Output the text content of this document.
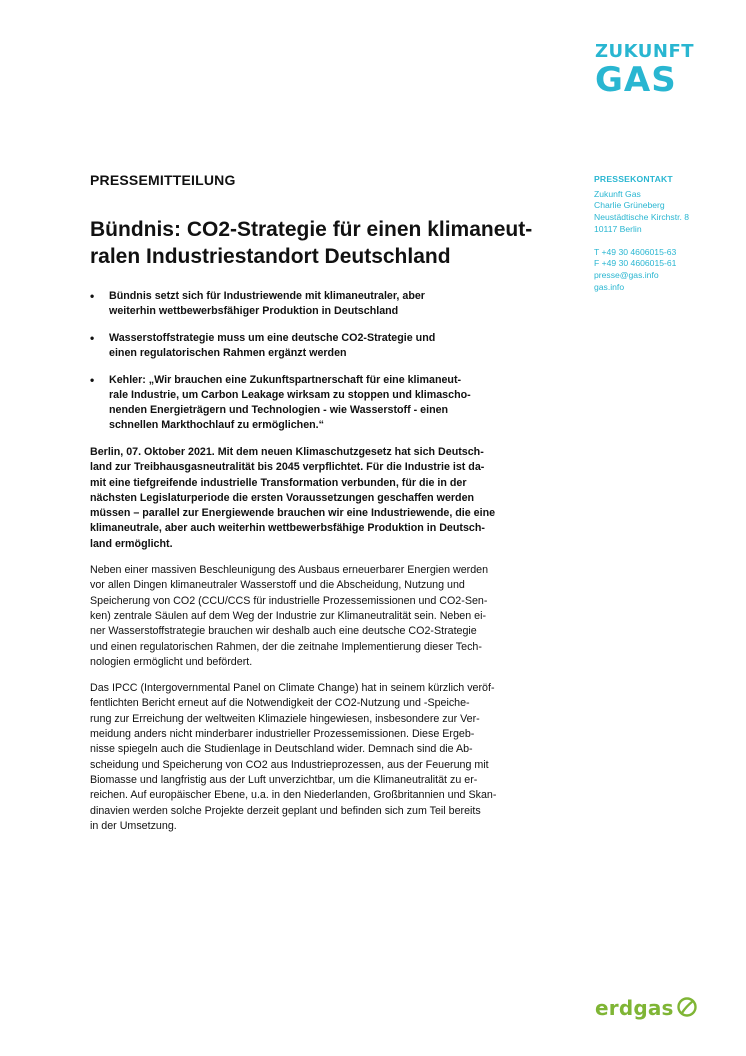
ZUKUNFT
GAS
PRESSEKONTAKT
Zukunft Gas
Charlie Grüneberg
Neustädtische Kirchstr. 8
10117 Berlin
T +49 30 4606015-63
F +49 30 4606015-61
presse@gas.info
gas.info

PRESSEMITTEILUNG

Bündnis: CO2-Strategie für einen klimaneut-
ralen Industriestandort Deutschland
• Bündnis setzt sich für Industriewende mit klimaneutraler, aber
weiterhin wettbewerbsfähiger Produktion in Deutschland
• Wasserstoffstrategie muss um eine deutsche CO2-Strategie und
einen regulatorischen Rahmen ergänzt werden
• Kehler: „Wir brauchen eine Zukunftspartnerschaft für eine klimaneut-
rale Industrie, um Carbon Leakage wirksam zu stoppen und klimascho-
nenden Energieträgern und Technologien - wie Wasserstoff - einen
schnellen Markthochlauf zu ermöglichen.“

Berlin, 07. Oktober 2021. Mit dem neuen Klimaschutzgesetz hat sich Deutsch-
land zur Treibhausgasneutralität bis 2045 verpflichtet. Für die Industrie ist da-
mit eine tiefgreifende industrielle Transformation verbunden, für die in der
nächsten Legislaturperiode die ersten Voraussetzungen geschaffen werden
müssen – parallel zur Energiewende brauchen wir eine Industriewende, die eine
klimaneutrale, aber auch weiterhin wettbewerbsfähige Produktion in Deutsch-
land ermöglicht.

Neben einer massiven Beschleunigung des Ausbaus erneuerbarer Energien werden
vor allen Dingen klimaneutraler Wasserstoff und die Abscheidung, Nutzung und
Speicherung von CO2 (CCU/CCS für industrielle Prozessemissionen und CO2-Sen-
ken) zentrale Säulen auf dem Weg der Industrie zur Klimaneutralität sein. Neben ei-
ner Wasserstoffstrategie brauchen wir deshalb auch eine deutsche CO2-Strategie
und einen regulatorischen Rahmen, der die zeitnahe Implementierung dieser Tech-
nologien ermöglicht und befördert.

Das IPCC (Intergovernmental Panel on Climate Change) hat in seinem kürzlich veröf-
fentlichten Bericht erneut auf die Notwendigkeit der CO2-Nutzung und -Speiche-
rung zur Erreichung der weltweiten Klimaziele hingewiesen, insbesondere zur Ver-
meidung anders nicht minderbarer industrieller Prozessemissionen. Diese Ergeb-
nisse spiegeln auch die Studienlage in Deutschland wider. Demnach sind die Ab-
scheidung und Speicherung von CO2 aus Industrieprozessen, aus der Feuerung mit
Biomasse und langfristig aus der Luft unverzichtbar, um die Klimaneutralität zu er-
reichen. Auf europäischer Ebene, u.a. in den Niederlanden, Großbritannien und Skan-
dinavien werden solche Projekte derzeit geplant und befinden sich zum Teil bereits
in der Umsetzung.

erdgas
